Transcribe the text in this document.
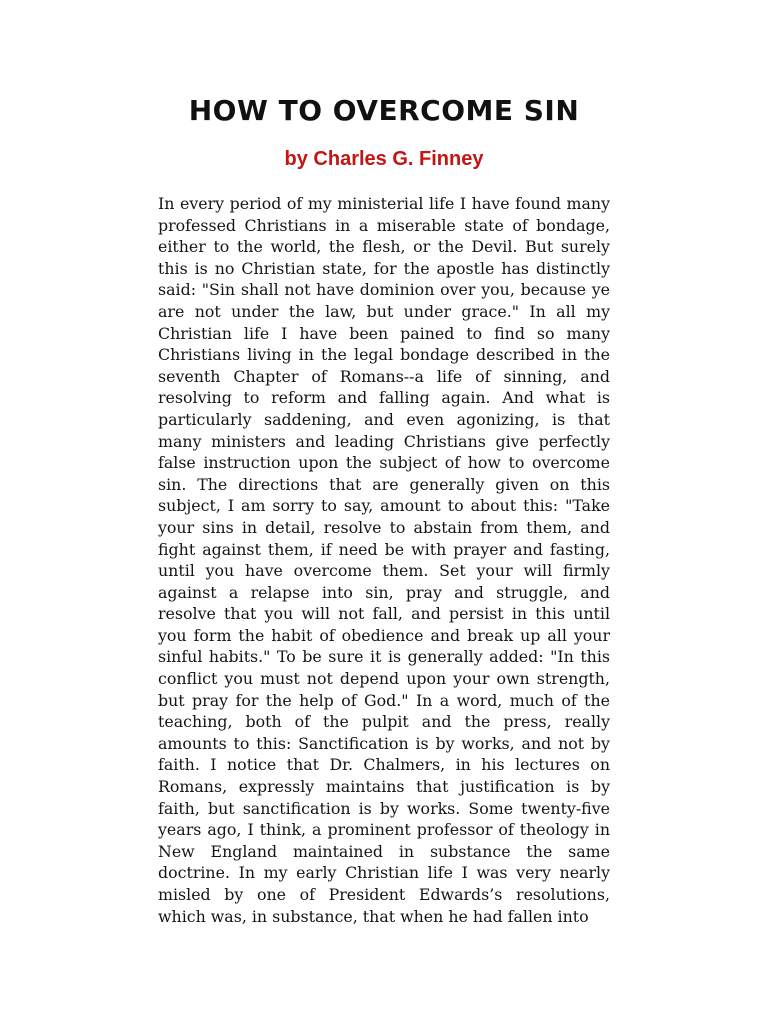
HOW TO OVERCOME SIN
by Charles G. Finney

In every period of my ministerial life I have found many professed Christians in a miserable state of bondage, either to the world, the flesh, or the Devil. But surely this is no Christian state, for the apostle has distinctly said: "Sin shall not have dominion over you, because ye are not under the law, but under grace." In all my Christian life I have been pained to find so many Christians living in the legal bondage described in the seventh Chapter of Romans--a life of sinning, and resolving to reform and falling again. And what is particularly saddening, and even agonizing, is that many ministers and leading Christians give perfectly false instruction upon the subject of how to overcome sin. The directions that are generally given on this subject, I am sorry to say, amount to about this: "Take your sins in detail, resolve to abstain from them, and fight against them, if need be with prayer and fasting, until you have overcome them. Set your will firmly against a relapse into sin, pray and struggle, and resolve that you will not fall, and persist in this until you form the habit of obedience and break up all your sinful habits." To be sure it is generally added: "In this conflict you must not depend upon your own strength, but pray for the help of God." In a word, much of the teaching, both of the pulpit and the press, really amounts to this: Sanctification is by works, and not by faith. I notice that Dr. Chalmers, in his lectures on Romans, expressly maintains that justification is by faith, but sanctification is by works. Some twenty-five years ago, I think, a prominent professor of theology in New England maintained in substance the same doctrine. In my early Christian life I was very nearly misled by one of President Edwards’s resolutions, which was, in substance, that when he had fallen into
